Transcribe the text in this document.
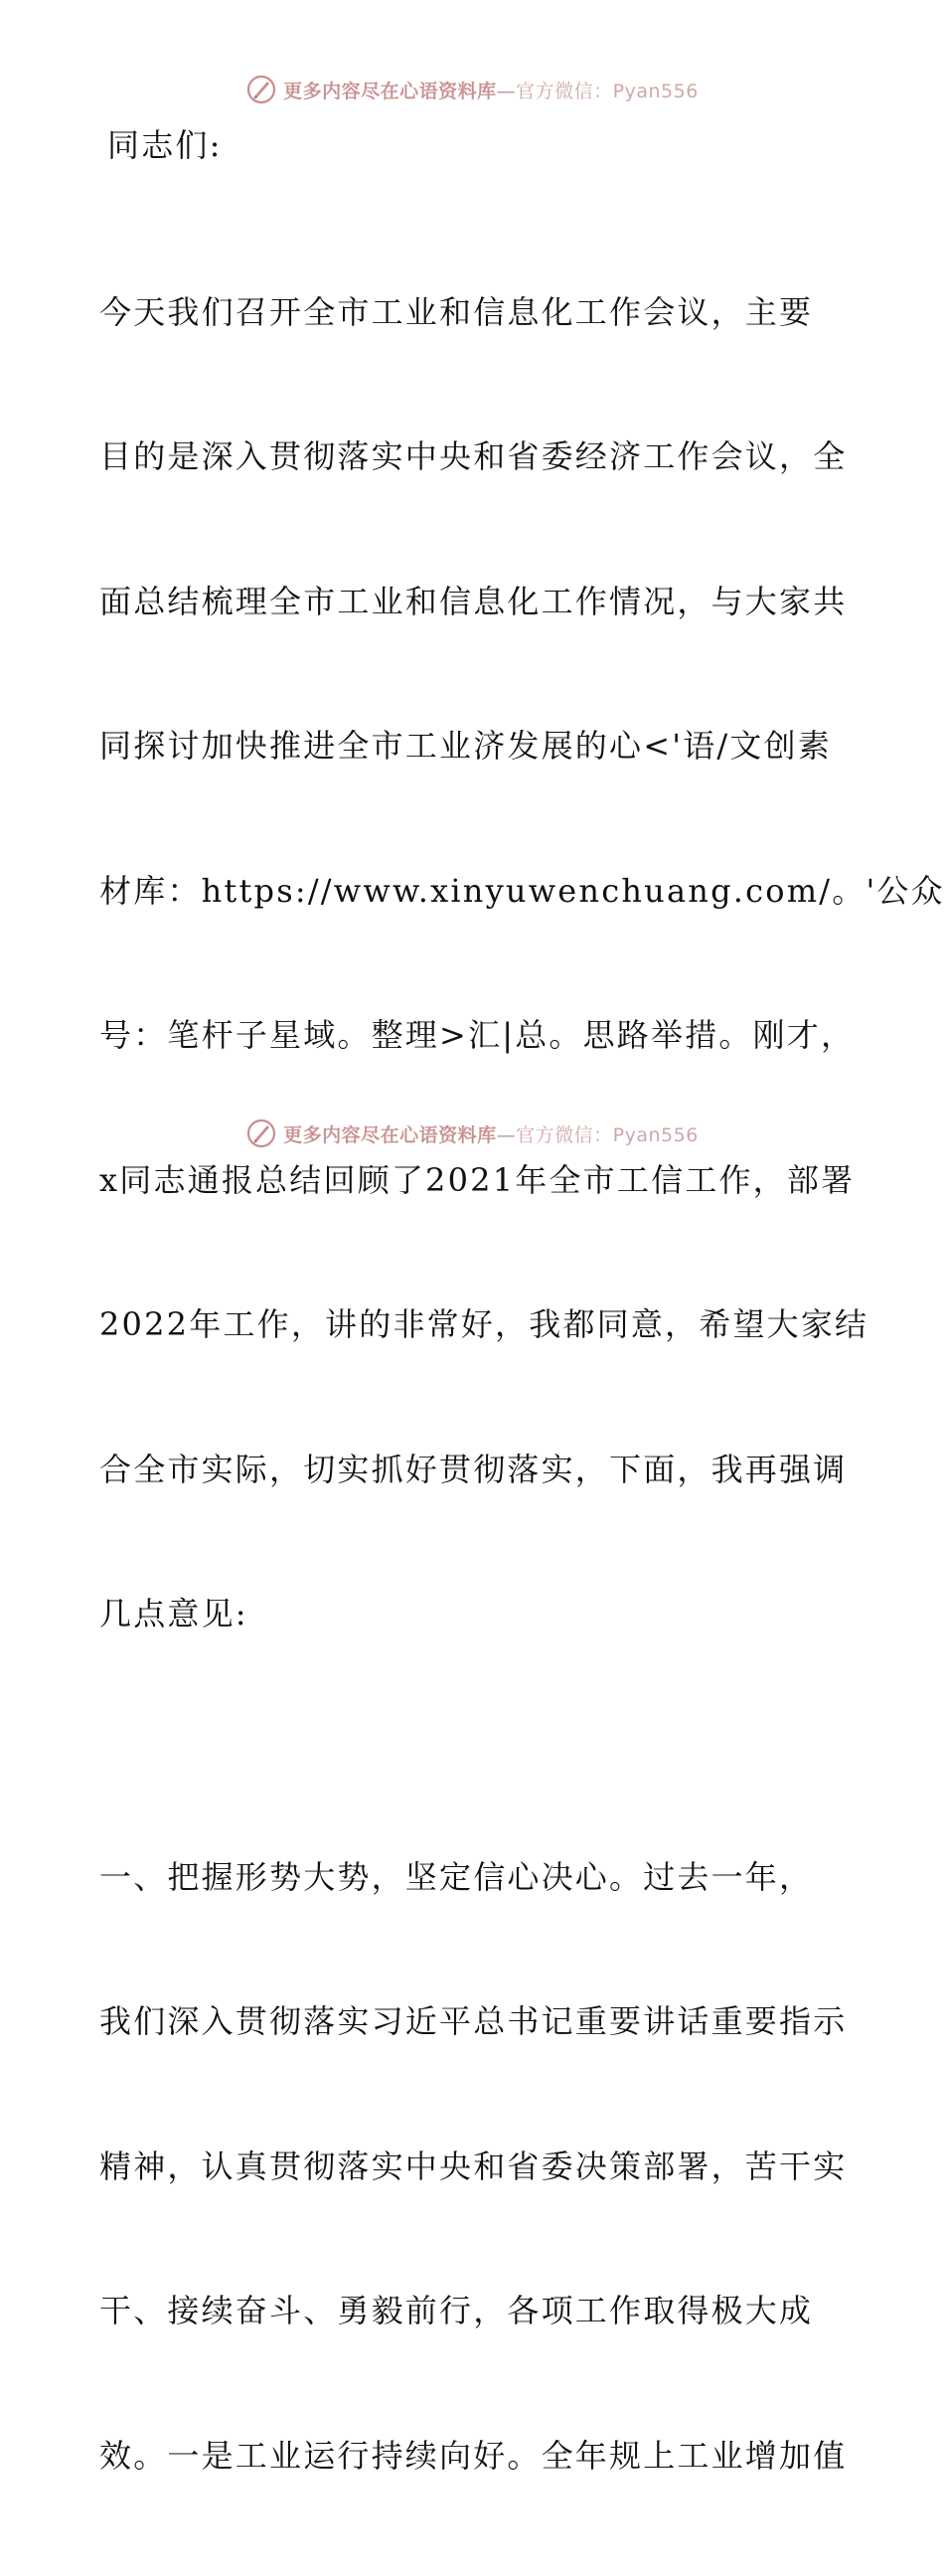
更多内容尽在心语资料库—官方微信：Pyan556

同志们:

今天我们召开全市工业和信息化工作会议，主要

目的是深入贯彻落实中央和省委经济工作会议，全

面总结梳理全市工业和信息化工作情况，与大家共

同探讨加快推进全市工业济发展的心<'语/文创素

材库：https://www.xinyuwenchuang.com/。'公众

号：笔杆子星域。整理>汇|总。思路举措。刚才，

x同志通报总结回顾了2021年全市工信工作，部署

2022年工作，讲的非常好，我都同意，希望大家结

合全市实际，切实抓好贯彻落实，下面，我再强调

几点意见:

一、把握形势大势，坚定信心决心。过去一年，

我们深入贯彻落实习近平总书记重要讲话重要指示

精神，认真贯彻落实中央和省委决策部署，苦干实

干、接续奋斗、勇毅前行，各项工作取得极大成

效。一是工业运行持续向好。全年规上工业增加值

更多内容尽在心语资料库—官方微信：Pyan556
